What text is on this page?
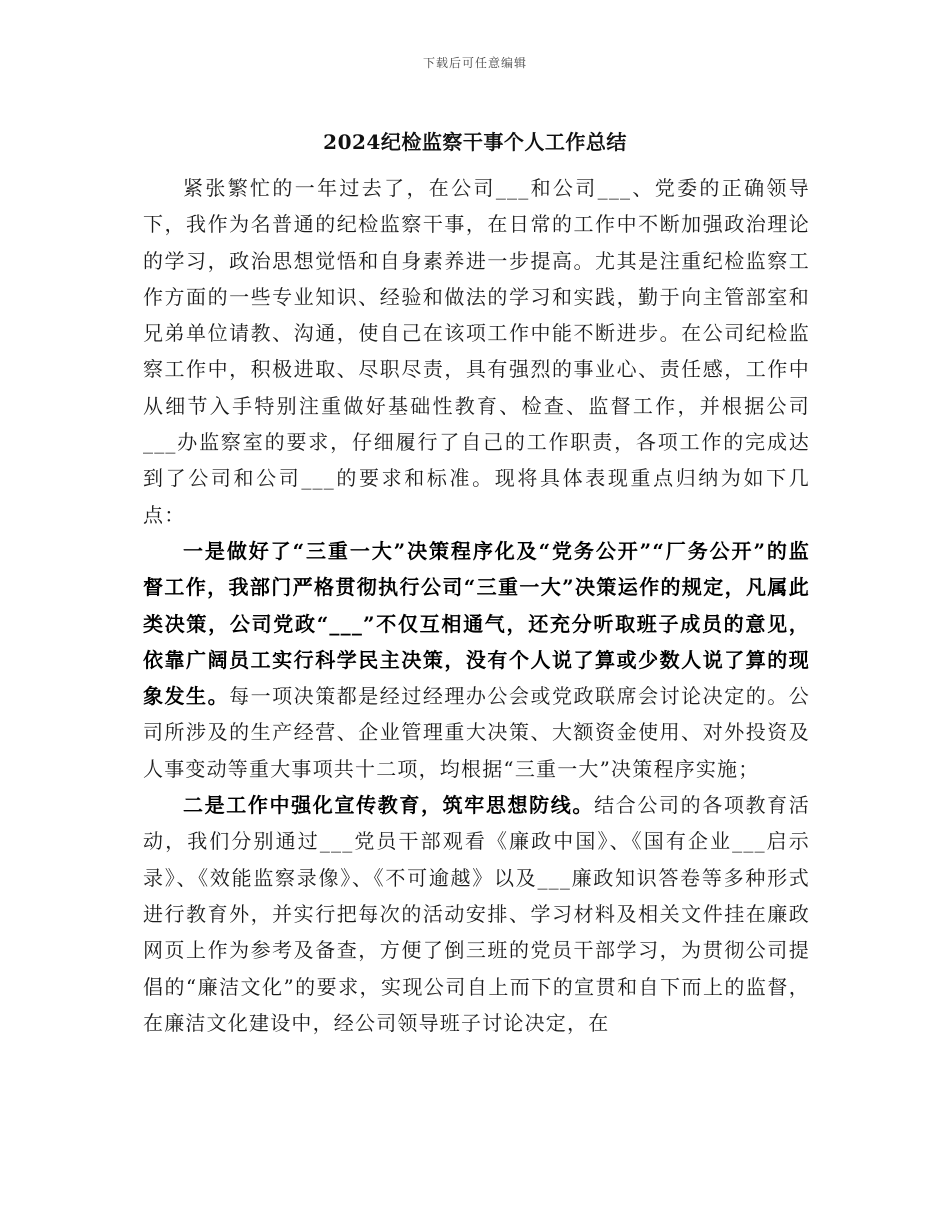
下载后可任意编辑
2024纪检监察干事个人工作总结

紧张繁忙的一年过去了，在公司___和公司___、党委的正确领导下，我作为名普通的纪检监察干事，在日常的工作中不断加强政治理论的学习，政治思想觉悟和自身素养进一步提高。尤其是注重纪检监察工作方面的一些专业知识、经验和做法的学习和实践，勤于向主管部室和兄弟单位请教、沟通，使自己在该项工作中能不断进步。在公司纪检监察工作中，积极进取、尽职尽责，具有强烈的事业心、责任感，工作中从细节入手特别注重做好基础性教育、检查、监督工作，并根据公司___办监察室的要求，仔细履行了自己的工作职责，各项工作的完成达到了公司和公司___的要求和标准。现将具体表现重点归纳为如下几点：

一是做好了“三重一大”决策程序化及“党务公开”“厂务公开”的监督工作，我部门严格贯彻执行公司“三重一大”决策运作的规定，凡属此类决策，公司党政“___”不仅互相通气，还充分听取班子成员的意见，依靠广阔员工实行科学民主决策，没有个人说了算或少数人说了算的现象发生。每一项决策都是经过经理办公会或党政联席会讨论决定的。公司所涉及的生产经营、企业管理重大决策、大额资金使用、对外投资及人事变动等重大事项共十二项，均根据“三重一大”决策程序实施；

二是工作中强化宣传教育，筑牢思想防线。结合公司的各项教育活动，我们分别通过___党员干部观看《廉政中国》、《国有企业___启示录》、《效能监察录像》、《不可逾越》以及___廉政知识答卷等多种形式进行教育外，并实行把每次的活动安排、学习材料及相关文件挂在廉政网页上作为参考及备查，方便了倒三班的党员干部学习，为贯彻公司提倡的“廉洁文化”的要求，实现公司自上而下的宣贯和自下而上的监督，在廉洁文化建设中，经公司领导班子讨论决定，在
